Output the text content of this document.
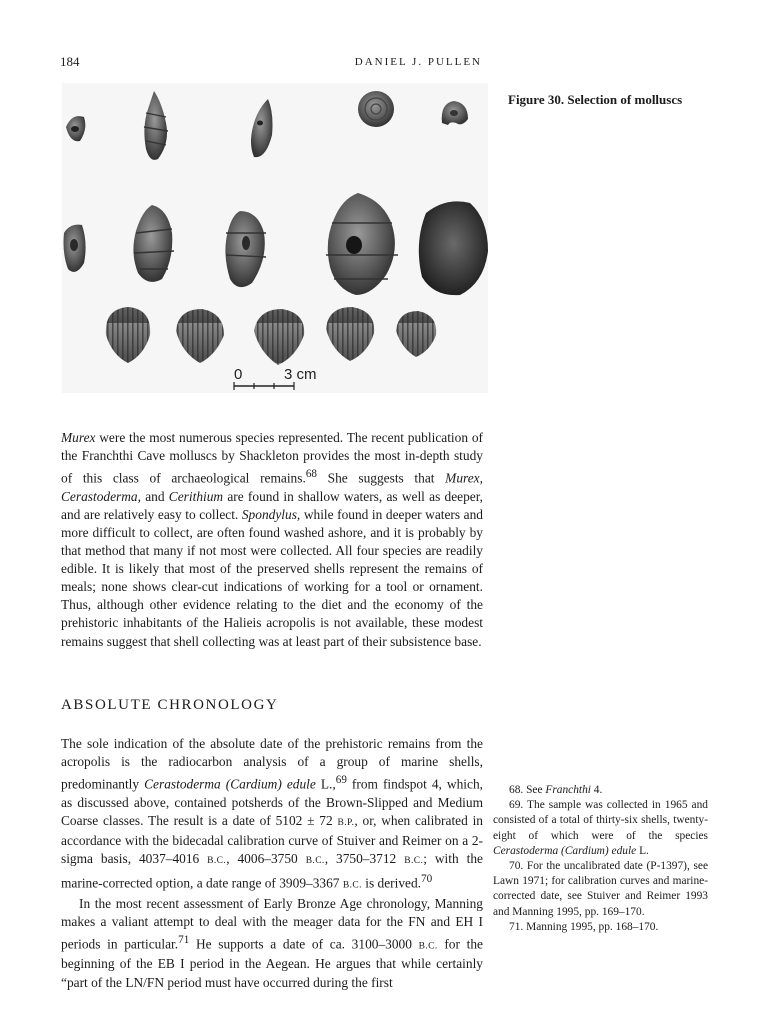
184	DANIEL J. PULLEN
0	3 cm
Figure 30. Selection of molluscs

Murex were the most numerous species represented. The recent publication of the Franchthi Cave molluscs by Shackleton provides the most in-depth study of this class of archaeological remains.$^{68}$ She suggests that Murex, Cerastoderma, and Cerithium are found in shallow waters, as well as deeper, and are relatively easy to collect. Spondylus, while found in deeper waters and more difficult to collect, are often found washed ashore, and it is probably by that method that many if not most were collected. All four species are readily edible. It is likely that most of the preserved shells represent the remains of meals; none shows clear-cut indications of working for a tool or ornament. Thus, although other evidence relating to the diet and the economy of the prehistoric inhabitants of the Halieis acropolis is not available, these modest remains suggest that shell collecting was at least part of their subsistence base.

ABSOLUTE CHRONOLOGY

The sole indication of the absolute date of the prehistoric remains from the acropolis is the radiocarbon analysis of a group of marine shells, predominantly Cerastoderma (Cardium) edule L.,$^{69}$ from findspot 4, which, as discussed above, contained potsherds of the Brown-Slipped and Medium Coarse classes. The result is a date of 5102 ± 72 B.P., or, when calibrated in accordance with the bidecadal calibration curve of Stuiver and Reimer on a 2-sigma basis, 4037–4016 B.C., 4006–3750 B.C., 3750–3712 B.C.; with the marine-corrected option, a date range of 3909–3367 B.C. is derived.$^{70}$

In the most recent assessment of Early Bronze Age chronology, Manning makes a valiant attempt to deal with the meager data for the FN and EH I periods in particular.$^{71}$ He supports a date of ca. 3100–3000 B.C. for the beginning of the EB I period in the Aegean. He argues that while certainly “part of the LN/FN period must have occurred during the first

68. See Franchthi 4.

69. The sample was collected in 1965 and consisted of a total of thirty-six shells, twenty-eight of which were of the species Cerastoderma (Cardium) edule L.

70. For the uncalibrated date (P-1397), see Lawn 1971; for calibration curves and marine-corrected date, see Stuiver and Reimer 1993 and Manning 1995, pp. 169–170.

71. Manning 1995, pp. 168–170.
